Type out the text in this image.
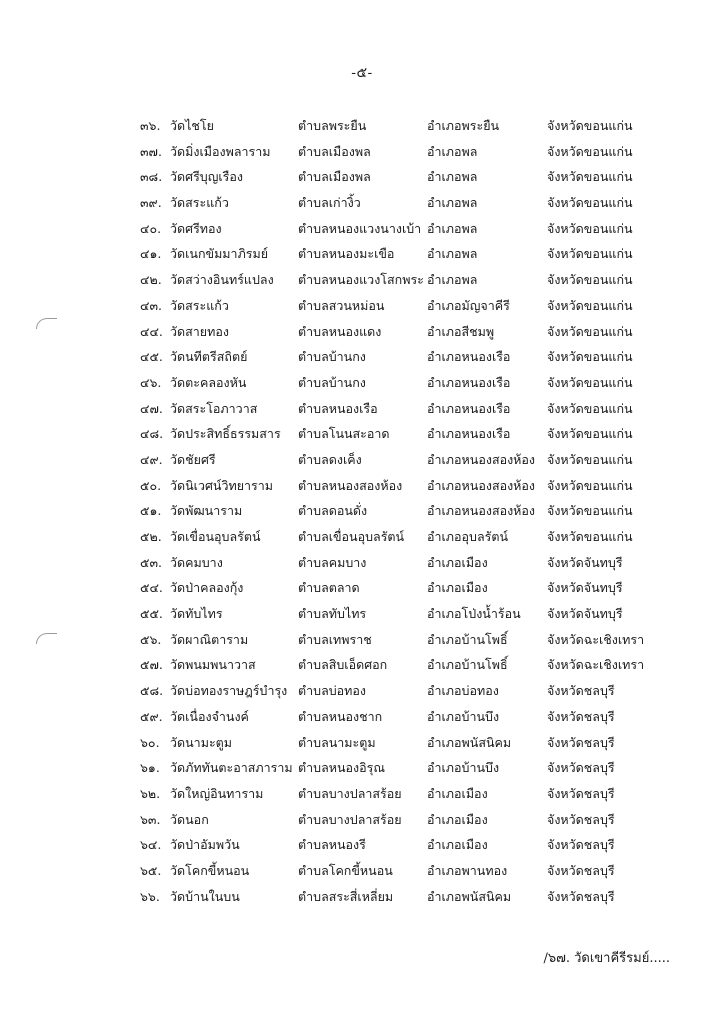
-๕-
๓๖. วัดไชโย	ตำบลพระยืน	อำเภอพระยืน	จังหวัดขอนแก่น
๓๗. วัดมิ่งเมืองพลาราม ตำบลเมืองพล	อำเภอพล	จังหวัดขอนแก่น
๓๘. วัดศรีบุญเรือง	ตำบลเมืองพล	อำเภอพล	จังหวัดขอนแก่น
๓๙. วัดสระแก้ว	ตำบลเก่างิ้ว	อำเภอพล	จังหวัดขอนแก่น
๔๐. วัดศรีทอง	ตำบลหนองแวงนางเบ้า อำเภอพล	จังหวัดขอนแก่น
๔๑. วัดเนกขัมมาภิรมย์ ตำบลหนองมะเขือ	อำเภอพล	จังหวัดขอนแก่น
๔๒. วัดสว่างอินทร์แปลง ตำบลหนองแวงโสกพระ อำเภอพล	จังหวัดขอนแก่น
๔๓. วัดสระแก้ว	ตำบลสวนหม่อน	อำเภอมัญจาคีรี	จังหวัดขอนแก่น
๔๔. วัดสายทอง	ตำบลหนองแดง	อำเภอสีชมพู	จังหวัดขอนแก่น
๔๕. วัดนทีตรีสถิตย์	ตำบลบ้านกง	อำเภอหนองเรือ	จังหวัดขอนแก่น
๔๖. วัดตะคลองหัน	ตำบลบ้านกง	อำเภอหนองเรือ	จังหวัดขอนแก่น
๔๗. วัดสระโอภาวาส	ตำบลหนองเรือ	อำเภอหนองเรือ	จังหวัดขอนแก่น
๔๘. วัดประสิทธิ์ธรรมสาร ตำบลโนนสะอาด	อำเภอหนองเรือ	จังหวัดขอนแก่น
๔๙. วัดชัยศรี	ตำบลดงเค็ง	อำเภอหนองสองห้อง จังหวัดขอนแก่น
๕๐. วัดนิเวศน์วิทยาราม ตำบลหนองสองห้อง อำเภอหนองสองห้อง จังหวัดขอนแก่น
๕๑. วัดพัฒนาราม	ตำบลดอนดั่ง	อำเภอหนองสองห้อง จังหวัดขอนแก่น
๕๒. วัดเขื่อนอุบลรัตน์	ตำบลเขื่อนอุบลรัตน์ อำเภออุบลรัตน์	จังหวัดขอนแก่น
๕๓. วัดคมบาง	ตำบลคมบาง	อำเภอเมือง	จังหวัดจันทบุรี
๕๔. วัดป่าคลองกุ้ง	ตำบลตลาด	อำเภอเมือง	จังหวัดจันทบุรี
๕๕. วัดทับไทร	ตำบลทับไทร	อำเภอโป่งน้ำร้อน จังหวัดจันทบุรี
๕๖. วัดผาณิตาราม	ตำบลเทพราช	อำเภอบ้านโพธิ์	จังหวัดฉะเชิงเทรา
๕๗. วัดพนมพนาวาส	ตำบลสิบเอ็ดศอก	อำเภอบ้านโพธิ์	จังหวัดฉะเชิงเทรา
๕๘. วัดบ่อทองราษฎร์บำรุง ตำบลบ่อทอง	อำเภอบ่อทอง	จังหวัดชลบุรี
๕๙. วัดเนื่องจำนงค์	ตำบลหนองชาก	อำเภอบ้านบึง	จังหวัดชลบุรี
๖๐. วัดนามะตูม	ตำบลนามะตูม	อำเภอพนัสนิคม	จังหวัดชลบุรี
๖๑. วัดภัททันตะอาสภาราม ตำบลหนองอิรุณ	อำเภอบ้านบึง	จังหวัดชลบุรี
๖๒. วัดใหญ่อินทาราม	ตำบลบางปลาสร้อย อำเภอเมือง	จังหวัดชลบุรี
๖๓. วัดนอก	ตำบลบางปลาสร้อย อำเภอเมือง	จังหวัดชลบุรี
๖๔. วัดป่าอัมพวัน	ตำบลหนองรี	อำเภอเมือง	จังหวัดชลบุรี
๖๕. วัดโคกขี้หนอน	ตำบลโคกขี้หนอน	อำเภอพานทอง	จังหวัดชลบุรี
๖๖. วัดบ้านในบน	ตำบลสระสี่เหลี่ยม	อำเภอพนัสนิคม	จังหวัดชลบุรี
/๖๗. วัดเขาคีรีรมย์.....
